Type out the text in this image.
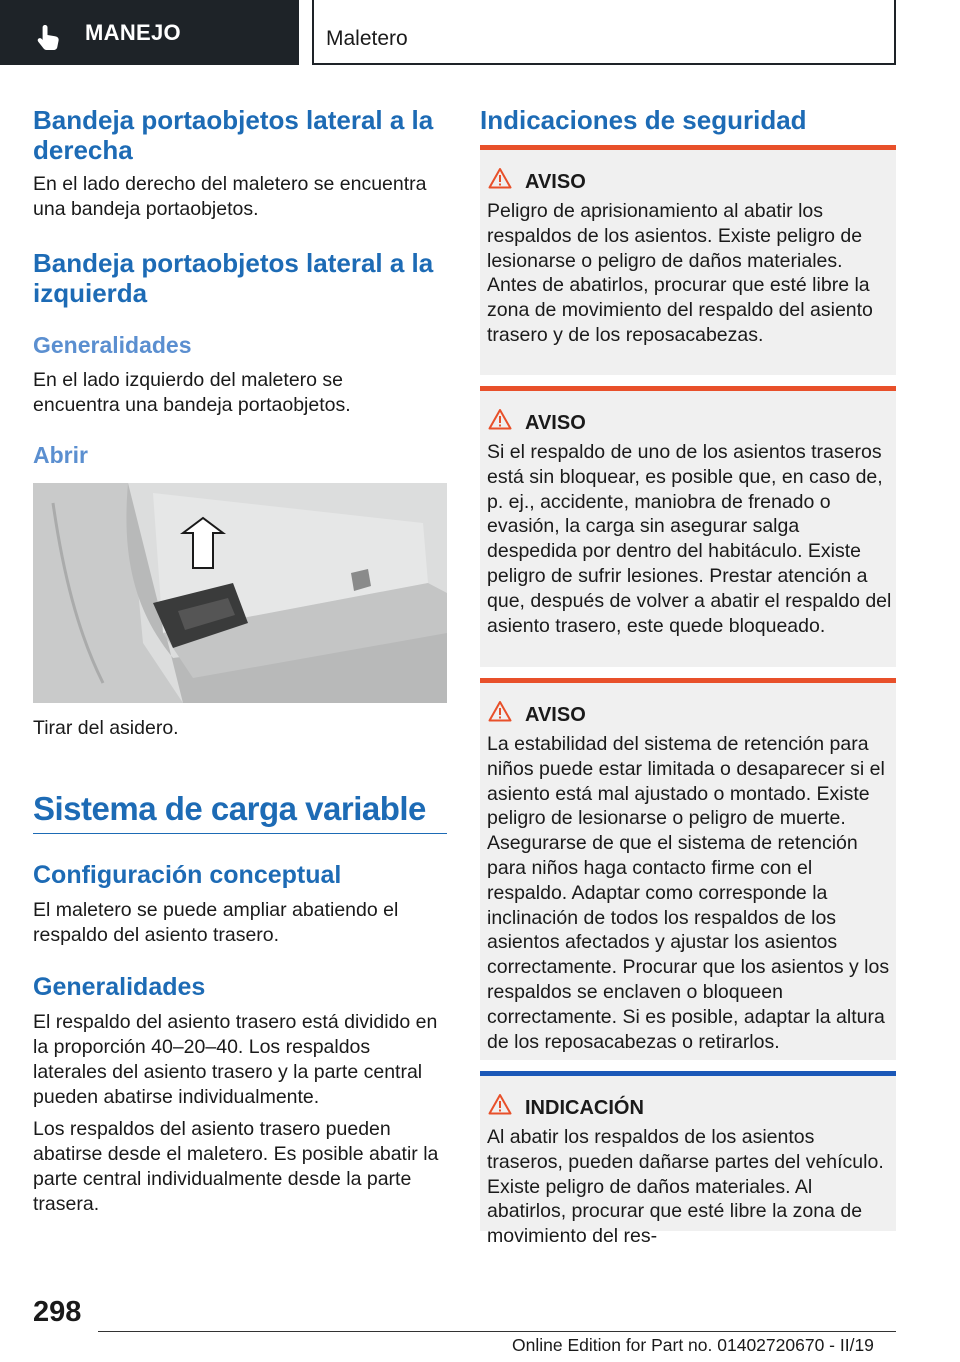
MANEJO	Maletero
Bandeja portaobjetos lateral a la derecha
En el lado derecho del maletero se encuentra una bandeja portaobjetos.
Bandeja portaobjetos lateral a la izquierda
Generalidades
En el lado izquierdo del maletero se encuentra una bandeja portaobjetos.
Abrir
Tirar del asidero.
Sistema de carga variable
Configuración conceptual
El maletero se puede ampliar abatiendo el respaldo del asiento trasero.
Generalidades
El respaldo del asiento trasero está dividido en la proporción 40–20–40. Los respaldos laterales del asiento trasero y la parte central pueden abatirse individualmente.
Los respaldos del asiento trasero pueden abatirse desde el maletero. Es posible abatir la parte central individualmente desde la parte trasera.
Indicaciones de seguridad
AVISO
Peligro de aprisionamiento al abatir los respaldos de los asientos. Existe peligro de lesionarse o peligro de daños materiales. Antes de abatirlos, procurar que esté libre la zona de movimiento del respaldo del asiento trasero y de los reposacabezas.
AVISO
Si el respaldo de uno de los asientos traseros está sin bloquear, es posible que, en caso de, p. ej., accidente, maniobra de frenado o evasión, la carga sin asegurar salga despedida por dentro del habitáculo. Existe peligro de sufrir lesiones. Prestar atención a que, después de volver a abatir el respaldo del asiento trasero, este quede bloqueado.
AVISO
La estabilidad del sistema de retención para niños puede estar limitada o desaparecer si el asiento está mal ajustado o montado. Existe peligro de lesionarse o peligro de muerte. Asegurarse de que el sistema de retención para niños haga contacto firme con el respaldo. Adaptar como corresponde la inclinación de todos los respaldos de los asientos afectados y ajustar los asientos correctamente. Procurar que los asientos y los respaldos se enclaven o bloqueen correctamente. Si es posible, adaptar la altura de los reposacabezas o retirarlos.
INDICACIÓN
Al abatir los respaldos de los asientos traseros, pueden dañarse partes del vehículo. Existe peligro de daños materiales. Al abatirlos, procurar que esté libre la zona de movimiento del res-
298
Online Edition for Part no. 01402720670 - II/19
